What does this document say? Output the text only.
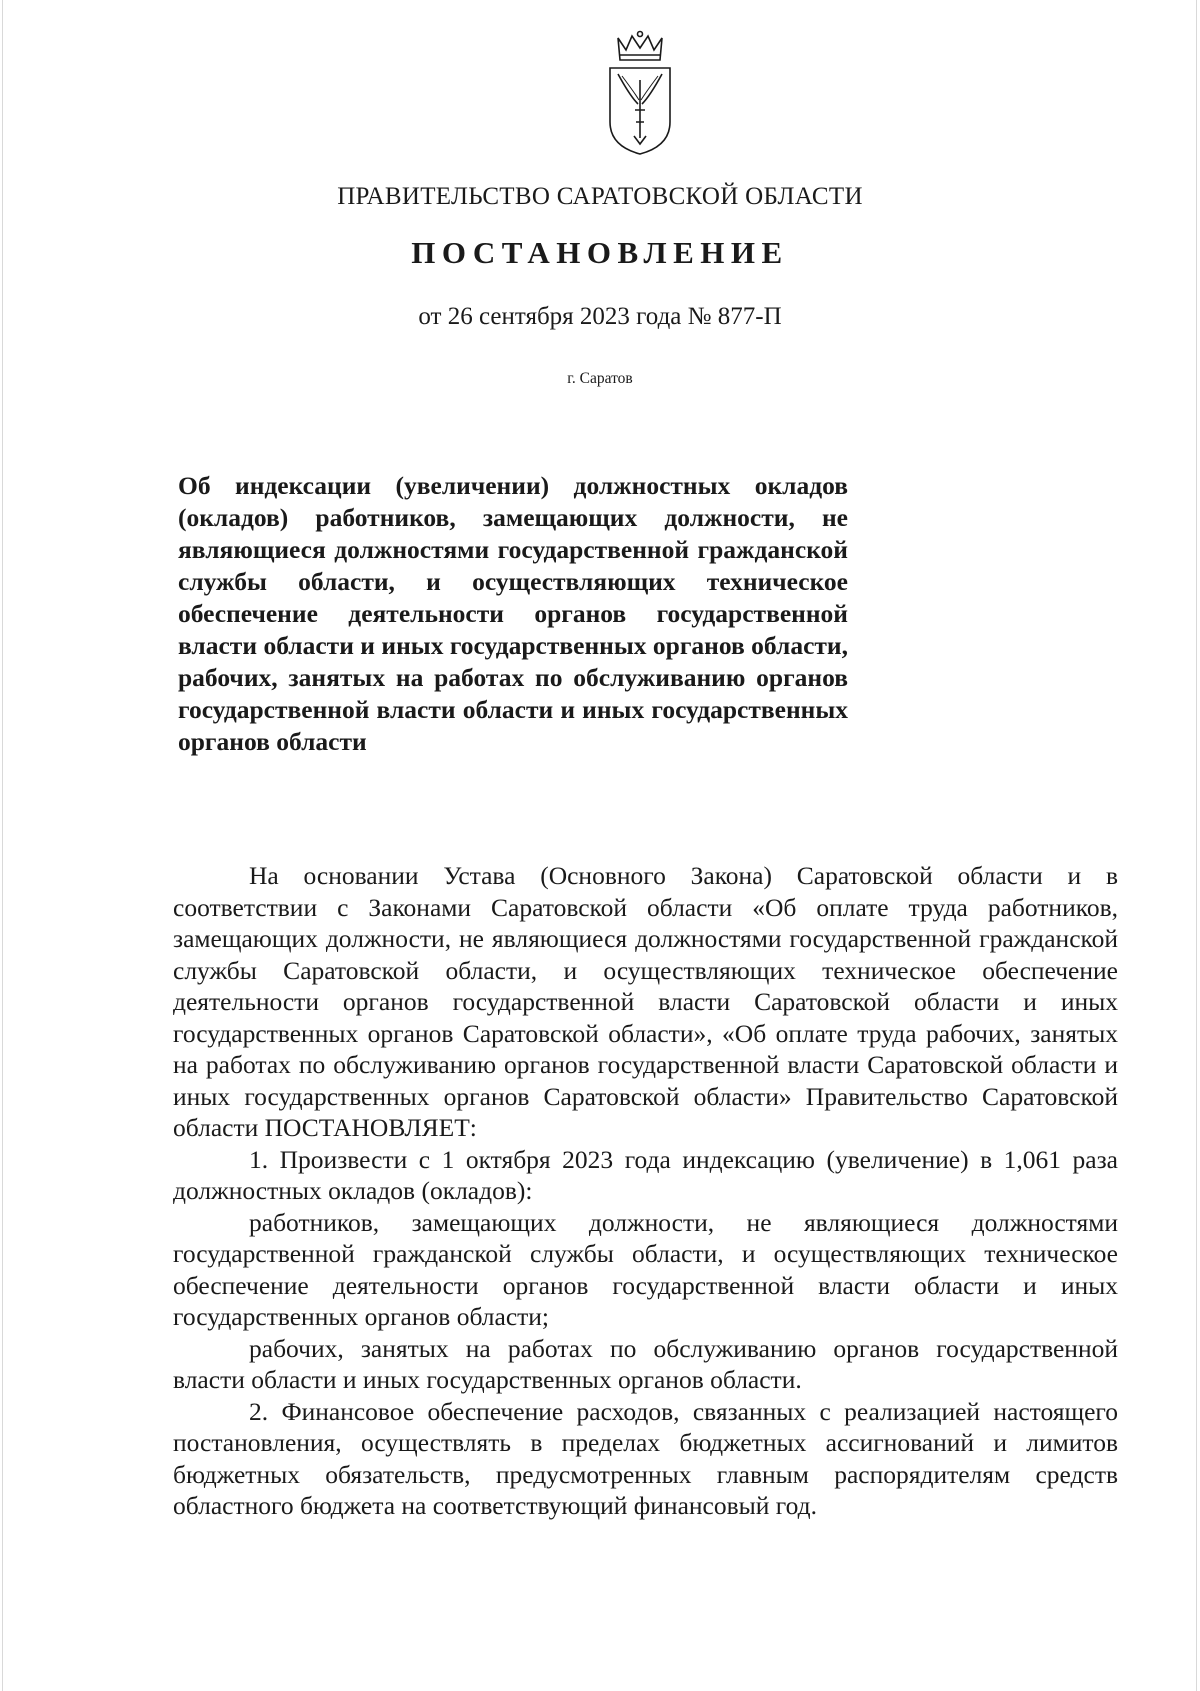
ПРАВИТЕЛЬСТВО САРАТОВСКОЙ ОБЛАСТИ
ПОСТАНОВЛЕНИЕ
от 26 сентября 2023 года № 877-П
г. Саратов
Об индексации (увеличении) должностных окладов (окладов) работников, замещающих должности, не являющиеся должностями государственной гражданской службы области, и осуществляющих техническое обеспечение деятельности органов государственной власти области и иных государственных органов области, рабочих, занятых на работах по обслуживанию органов государственной власти области и иных государственных органов области

На основании Устава (Основного Закона) Саратовской области и в соответствии с Законами Саратовской области «Об оплате труда работников, замещающих должности, не являющиеся должностями государственной гражданской службы Саратовской области, и осуществляющих техническое обеспечение деятельности органов государственной власти Саратовской области и иных государственных органов Саратовской области», «Об оплате труда рабочих, занятых на работах по обслуживанию органов государственной власти Саратовской области и иных государственных органов Саратовской области» Правительство Саратовской области ПОСТАНОВЛЯЕТ:

1. Произвести с 1 октября 2023 года индексацию (увеличение) в 1,061 раза должностных окладов (окладов):

работников, замещающих должности, не являющиеся должностями государственной гражданской службы области, и осуществляющих техническое обеспечение деятельности органов государственной власти области и иных государственных органов области;

рабочих, занятых на работах по обслуживанию органов государственной власти области и иных государственных органов области.

2. Финансовое обеспечение расходов, связанных с реализацией настоящего постановления, осуществлять в пределах бюджетных ассигнований и лимитов бюджетных обязательств, предусмотренных главным распорядителям средств областного бюджета на соответствующий финансовый год.
